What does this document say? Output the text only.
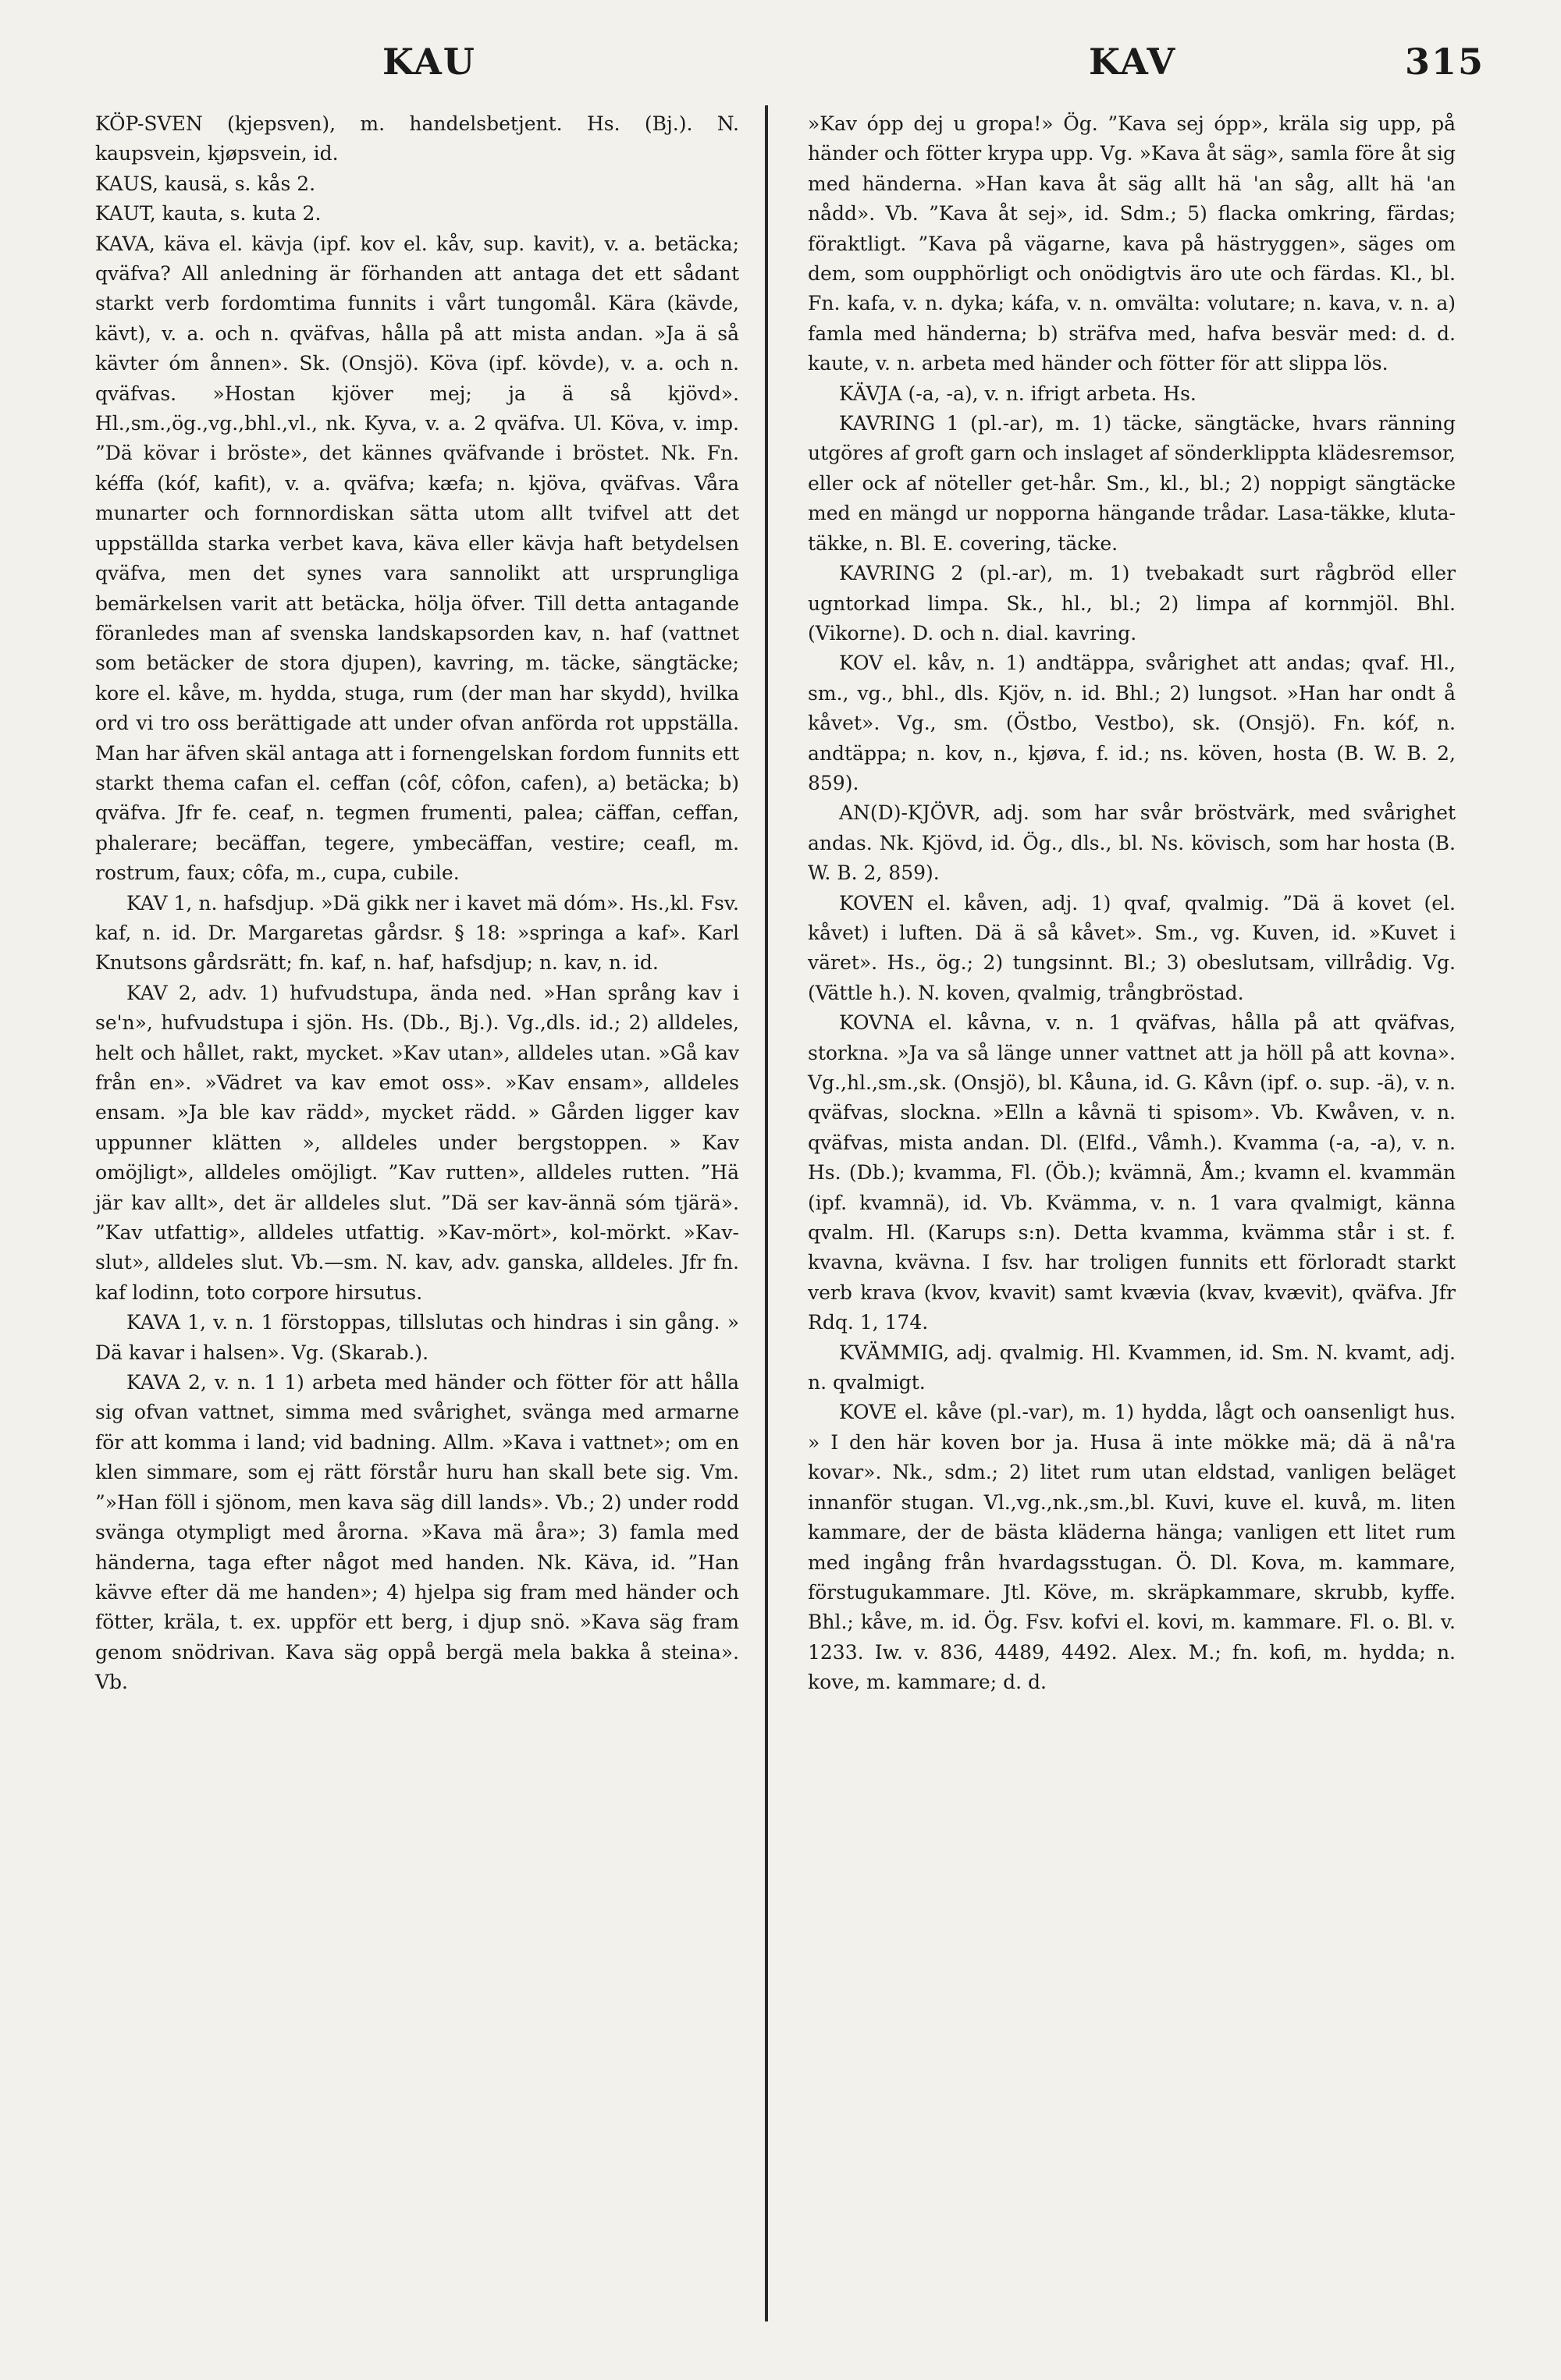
KAU	KAV	315

KÖP-SVEN (kjepsven), m. handelsbetjent. Hs. (Bj.). N. kaupsvein, kjøpsvein, id.

KAUS, kausä, s. kås 2.

KAUT, kauta, s. kuta 2.

KAVA, käva el. kävja (ipf. kov el. kåv, sup. kavit), v. a. betäcka; qväfva? All anledning är förhanden att antaga det ett sådant starkt verb fordomtima funnits i vårt tungomål. Kära (kävde, kävt), v. a. och n. qväfvas, hålla på att mista andan. »Ja ä så kävter óm ånnen». Sk. (Onsjö). Köva (ipf. kövde), v. a. och n. qväfvas. »Hostan kjöver mej; ja ä så kjövd». Hl.,sm.,ög.,vg.,bhl.,vl., nk. Kyva, v. a. 2 qväfva. Ul. Köva, v. imp. ”Dä kövar i bröste», det kännes qväfvande i bröstet. Nk. Fn. kéffa (kóf, kafit), v. a. qväfva; kæfa; n. kjöva, qväfvas. Våra munarter och fornnordiskan sätta utom allt tvifvel att det uppställda starka verbet kava, käva eller kävja haft betydelsen qväfva, men det synes vara sannolikt att ursprungliga bemärkelsen varit att betäcka, hölja öfver. Till detta antagande föranledes man af svenska landskapsorden kav, n. haf (vattnet som betäcker de stora djupen), kavring, m. täcke, sängtäcke; kore el. kåve, m. hydda, stuga, rum (der man har skydd), hvilka ord vi tro oss berättigade att under ofvan anförda rot uppställa. Man har äfven skäl antaga att i fornengelskan fordom funnits ett starkt thema cafan el. ceffan (côf, côfon, cafen), a) betäcka; b) qväfva. Jfr fe. ceaf, n. tegmen frumenti, palea; cäffan, ceffan, phalerare; becäffan, tegere, ymbecäffan, vestire; ceafl, m. rostrum, faux; côfa, m., cupa, cubile.

KAV 1, n. hafsdjup. »Dä gikk ner i kavet mä dóm». Hs.,kl. Fsv. kaf, n. id. Dr. Margaretas gårdsr. § 18: »springa a kaf». Karl Knutsons gårdsrätt; fn. kaf, n. haf, hafsdjup; n. kav, n. id.

KAV 2, adv. 1) hufvudstupa, ända ned. »Han språng kav i se'n», hufvudstupa i sjön. Hs. (Db., Bj.). Vg.,dls. id.; 2) alldeles, helt och hållet, rakt, mycket. »Kav utan», alldeles utan. »Gå kav från en». »Vädret va kav emot oss». »Kav ensam», alldeles ensam. »Ja ble kav rädd», mycket rädd. » Gården ligger kav uppunner klätten », alldeles under bergstoppen. » Kav omöjligt», alldeles omöjligt. ”Kav rutten», alldeles rutten. ”Hä jär kav allt», det är alldeles slut. ”Dä ser kav-ännä sóm tjärä». ”Kav utfattig», alldeles utfattig. »Kav-mört», kol-mörkt. »Kav-slut», alldeles slut. Vb.—sm. N. kav, adv. ganska, alldeles. Jfr fn. kaf lodinn, toto corpore hirsutus.

KAVA 1, v. n. 1 förstoppas, tillslutas och hindras i sin gång. » Dä kavar i halsen». Vg. (Skarab.).

KAVA 2, v. n. 1 1) arbeta med händer och fötter för att hålla sig ofvan vattnet, simma med svårighet, svänga med armarne för att komma i land; vid badning. Allm. »Kava i vattnet»; om en klen simmare, som ej rätt förstår huru han skall bete sig. Vm. ”»Han föll i sjönom, men kava säg dill lands». Vb.; 2) under rodd svänga otympligt med årorna. »Kava mä åra»; 3) famla med händerna, taga efter något med handen. Nk. Käva, id. ”Han kävve efter dä me handen»; 4) hjelpa sig fram med händer och fötter, kräla, t. ex. uppför ett berg, i djup snö. »Kava säg fram genom snödrivan. Kava säg oppå bergä mela bakka å steina». Vb.

»Kav ópp dej u gropa!» Ög. ”Kava sej ópp», kräla sig upp, på händer och fötter krypa upp. Vg. »Kava åt säg», samla före åt sig med händerna. »Han kava åt säg allt hä 'an såg, allt hä 'an nådd». Vb. ”Kava åt sej», id. Sdm.; 5) flacka omkring, färdas; föraktligt. ”Kava på vägarne, kava på hästryggen», säges om dem, som oupphörligt och onödigtvis äro ute och färdas. Kl., bl. Fn. kafa, v. n. dyka; káfa, v. n. omvälta: volutare; n. kava, v. n. a) famla med händerna; b) sträfva med, hafva besvär med: d. d. kaute, v. n. arbeta med händer och fötter för att slippa lös.

KÄVJA (-a, -a), v. n. ifrigt arbeta. Hs.

KAVRING 1 (pl.-ar), m. 1) täcke, sängtäcke, hvars ränning utgöres af groft garn och inslaget af sönderklippta klädesremsor, eller ock af nöteller get-hår. Sm., kl., bl.; 2) noppigt sängtäcke med en mängd ur nopporna hängande trådar. Lasa-täkke, kluta-täkke, n. Bl. E. covering, täcke.

KAVRING 2 (pl.-ar), m. 1) tvebakadt surt rågbröd eller ugntorkad limpa. Sk., hl., bl.; 2) limpa af kornmjöl. Bhl. (Vikorne). D. och n. dial. kavring.

KOV el. kåv, n. 1) andtäppa, svårighet att andas; qvaf. Hl., sm., vg., bhl., dls. Kjöv, n. id. Bhl.; 2) lungsot. »Han har ondt å kåvet». Vg., sm. (Östbo, Vestbo), sk. (Onsjö). Fn. kóf, n. andtäppa; n. kov, n., kjøva, f. id.; ns. köven, hosta (B. W. B. 2, 859).

AN(D)-KJÖVR, adj. som har svår bröstvärk, med svårighet andas. Nk. Kjövd, id. Ög., dls., bl. Ns. kövisch, som har hosta (B. W. B. 2, 859).

KOVEN el. kåven, adj. 1) qvaf, qvalmig. ”Dä ä kovet (el. kåvet) i luften. Dä ä så kåvet». Sm., vg. Kuven, id. »Kuvet i väret». Hs., ög.; 2) tungsinnt. Bl.; 3) obeslutsam, villrådig. Vg. (Vättle h.). N. koven, qvalmig, trångbröstad.

KOVNA el. kåvna, v. n. 1 qväfvas, hålla på att qväfvas, storkna. »Ja va så länge unner vattnet att ja höll på att kovna». Vg.,hl.,sm.,sk. (Onsjö), bl. Kåuna, id. G. Kåvn (ipf. o. sup. -ä), v. n. qväfvas, slockna. »Elln a kåvnä ti spisom». Vb. Kwåven, v. n. qväfvas, mista andan. Dl. (Elfd., Våmh.). Kvamma (-a, -a), v. n. Hs. (Db.); kvamma, Fl. (Öb.); kvämnä, Åm.; kvamn el. kvammän (ipf. kvamnä), id. Vb. Kvämma, v. n. 1 vara qvalmigt, känna qvalm. Hl. (Karups s:n). Detta kvamma, kvämma står i st. f. kvavna, kvävna. I fsv. har troligen funnits ett förloradt starkt verb krava (kvov, kvavit) samt kvævia (kvav, kvævit), qväfva. Jfr Rdq. 1, 174.

KVÄMMIG, adj. qvalmig. Hl. Kvammen, id. Sm. N. kvamt, adj. n. qvalmigt.

KOVE el. kåve (pl.-var), m. 1) hydda, lågt och oansenligt hus. » I den här koven bor ja. Husa ä inte mökke mä; dä ä nå'ra kovar». Nk., sdm.; 2) litet rum utan eldstad, vanligen beläget innanför stugan. Vl.,vg.,nk.,sm.,bl. Kuvi, kuve el. kuvå, m. liten kammare, der de bästa kläderna hänga; vanligen ett litet rum med ingång från hvardagsstugan. Ö. Dl. Kova, m. kammare, förstugukammare. Jtl. Köve, m. skräpkammare, skrubb, kyffe. Bhl.; kåve, m. id. Ög. Fsv. kofvi el. kovi, m. kammare. Fl. o. Bl. v. 1233. Iw. v. 836, 4489, 4492. Alex. M.; fn. kofi, m. hydda; n. kove, m. kammare; d. d.
